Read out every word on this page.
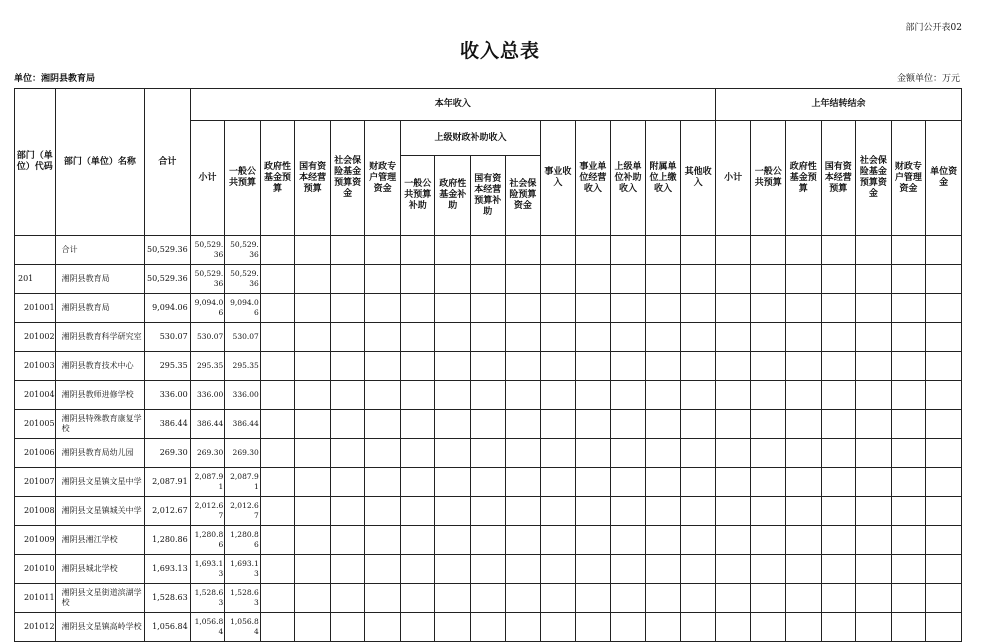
部门公开表02
收入总表
单位：湘阴县教育局	金额单位：万元
部门（单位）代码	部门（单位）名称	合计	本年收入															上年结转结余						
			小计	一般公共预算	政府性基金预算	国有资本经营预算	社会保险基金预算资金	财政专户管理资金	上级财政补助收入				事业收入	事业单位经营收入	上级单位补助收入	附属单位上缴收入	其他收入	小计	一般公共预算	政府性基金预算	国有资本经营预算	社会保险基金预算资金	财政专户管理资金	单位资金
									一般公共预算补助	政府性基金补助	国有资本经营预算补助	社会保险预算资金												
	合计	50,529.36	50,529.36	50,529.36																				
201	湘阴县教育局	50,529.36	50,529.36	50,529.36																				
201001	湘阴县教育局	9,094.06	9,094.06	9,094.06																				
201002	湘阴县教育科学研究室	530.07	530.07	530.07																				
201003	湘阴县教育技术中心	295.35	295.35	295.35																				
201004	湘阴县教师进修学校	336.00	336.00	336.00																				
201005	湘阴县特殊教育康复学校	386.44	386.44	386.44																				
201006	湘阴县教育局幼儿园	269.30	269.30	269.30																				
201007	湘阴县文星镇文星中学	2,087.91	2,087.91	2,087.91																				
201008	湘阴县文星镇城关中学	2,012.67	2,012.67	2,012.67																				
201009	湘阴县湘江学校	1,280.86	1,280.86	1,280.86																				
201010	湘阴县城北学校	1,693.13	1,693.13	1,693.13																				
201011	湘阴县文星街道滨湖学校	1,528.63	1,528.63	1,528.63																				
201012	湘阴县文星镇高岭学校	1,056.84	1,056.84	1,056.84																				
